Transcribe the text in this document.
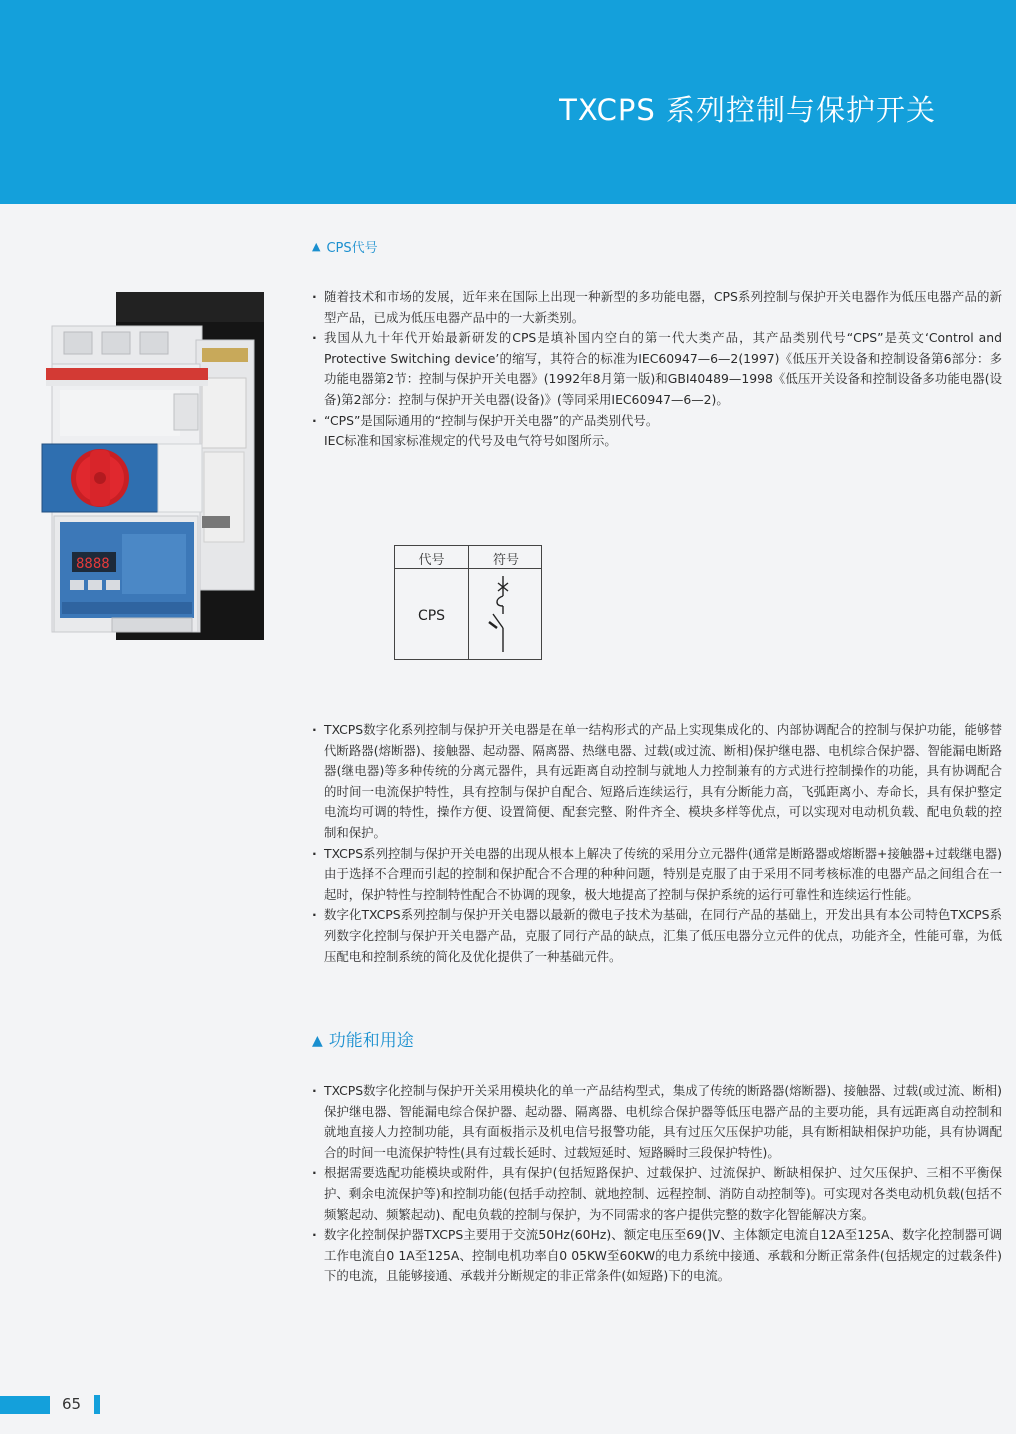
TXCPS 系列控制与保护开关
▲ CPS代号
8888
· 随着技术和市场的发展，近年来在国际上出现一种新型的多功能电器，CPS系列控制与保护开关电器作为低压电器产品的新型产品，已成为低压电器产品中的一大新类别。
· 我国从九十年代开始最新研发的CPS是填补国内空白的第一代大类产品，其产品类别代号“CPS”是英文‘Control and Protective Switching device’的缩写，其符合的标准为IEC60947—6—2(1997)《低压开关设备和控制设备第6部分：多功能电器第2节：控制与保护开关电器》(1992年8月第一版)和GBI40489—1998《低压开关设备和控制设备多功能电器(设备)第2部分：控制与保护开关电器(设备)》(等同采用IEC60947—6—2)。
· “CPS”是国际通用的“控制与保护开关电器”的产品类别代号。
IEC标准和国家标准规定的代号及电气符号如图所示。
代号	符号
CPS
· TXCPS数字化系列控制与保护开关电器是在单一结构形式的产品上实现集成化的、内部协调配合的控制与保护功能，能够替代断路器(熔断器)、接触器、起动器、隔离器、热继电器、过载(或过流、断相)保护继电器、电机综合保护器、智能漏电断路器(继电器)等多种传统的分离元器件，具有远距离自动控制与就地人力控制兼有的方式进行控制操作的功能，具有协调配合的时间一电流保护特性，具有控制与保护自配合、短路后连续运行，具有分断能力高，飞弧距离小、寿命长，具有保护整定电流均可调的特性，操作方便、设置简便、配套完整、附件齐全、模块多样等优点，可以实现对电动机负载、配电负载的控制和保护。
· TXCPS系列控制与保护开关电器的出现从根本上解决了传统的采用分立元器件(通常是断路器或熔断器+接触器+过载继电器)由于选择不合理而引起的控制和保护配合不合理的种种问题，特别是克服了由于采用不同考核标准的电器产品之间组合在一起时，保护特性与控制特性配合不协调的现象，极大地提高了控制与保护系统的运行可靠性和连续运行性能。
· 数字化TXCPS系列控制与保护开关电器以最新的微电子技术为基础，在同行产品的基础上，开发出具有本公司特色TXCPS系列数字化控制与保护开关电器产品，克服了同行产品的缺点，汇集了低压电器分立元件的优点，功能齐全，性能可靠，为低压配电和控制系统的简化及优化提供了一种基础元件。
▲ 功能和用途
· TXCPS数字化控制与保护开关采用模块化的单一产品结构型式，集成了传统的断路器(熔断器)、接触器、过载(或过流、断相)保护继电器、智能漏电综合保护器、起动器、隔离器、电机综合保护器等低压电器产品的主要功能，具有远距离自动控制和就地直接人力控制功能，具有面板指示及机电信号报警功能，具有过压欠压保护功能，具有断相缺相保护功能，具有协调配合的时间一电流保护特性(具有过载长延时、过载短延时、短路瞬时三段保护特性)。
· 根据需要选配功能模块或附件，具有保护(包括短路保护、过载保护、过流保护、断缺相保护、过欠压保护、三相不平衡保护、剩余电流保护等)和控制功能(包括手动控制、就地控制、远程控制、消防自动控制等)。可实现对各类电动机负载(包括不频繁起动、频繁起动)、配电负载的控制与保护，为不同需求的客户提供完整的数字化智能解决方案。
· 数字化控制保护器TXCPS主要用于交流50Hz(60Hz)、额定电压至69(]V、主体额定电流自12A至125A、数字化控制器可调工作电流自0 1A至125A、控制电机功率自0 05KW至60KW的电力系统中接通、承载和分断正常条件(包括规定的过载条件)下的电流，且能够接通、承载并分断规定的非正常条件(如短路)下的电流。
65
